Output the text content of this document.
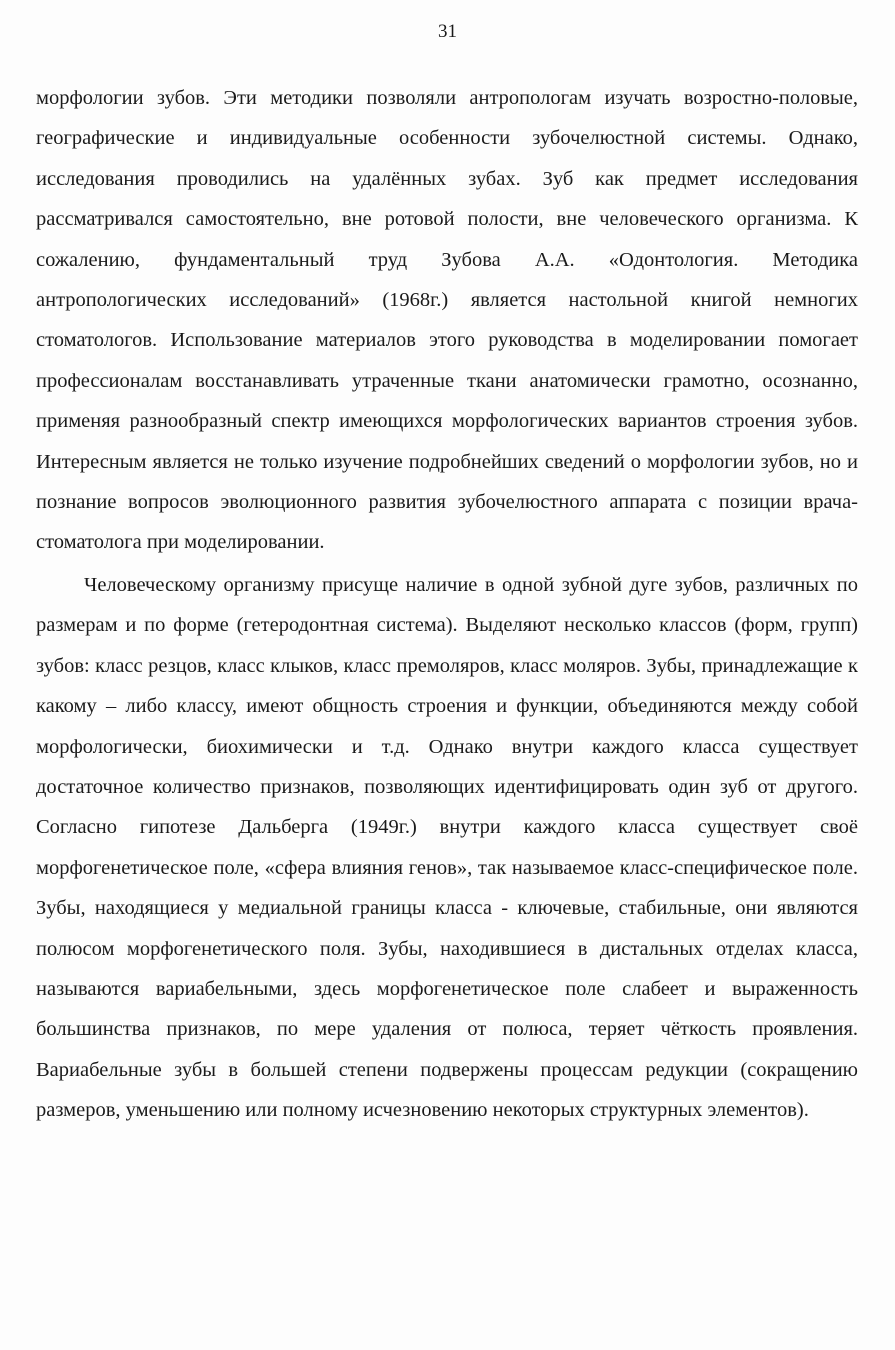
31

морфологии зубов. Эти методики позволяли антропологам изучать возростно-половые, географические и индивидуальные особенности зубочелюстной системы. Однако, исследования проводились на удалённых зубах. Зуб как предмет исследования рассматривался самостоятельно, вне ротовой полости, вне человеческого организма. К сожалению, фундаментальный труд Зубова А.А. «Одонтология. Методика антропологических исследований» (1968г.) является настольной книгой немногих стоматологов. Использование материалов этого руководства в моделировании помогает профессионалам восстанавливать утраченные ткани анатомически грамотно, осознанно, применяя разнообразный спектр имеющихся морфологических вариантов строения зубов. Интересным является не только изучение подробнейших сведений о морфологии зубов, но и познание вопросов эволюционного развития зубочелюстного аппарата с позиции врача-стоматолога при моделировании.

Человеческому организму присуще наличие в одной зубной дуге зубов, различных по размерам и по форме (гетеродонтная система). Выделяют несколько классов (форм, групп) зубов: класс резцов, класс клыков, класс премоляров, класс моляров. Зубы, принадлежащие к какому – либо классу, имеют общность строения и функции, объединяются между собой морфологически, биохимически и т.д. Однако внутри каждого класса существует достаточное количество признаков, позволяющих идентифицировать один зуб от другого. Согласно гипотезе Дальберга (1949г.) внутри каждого класса существует своё морфогенетическое поле, «сфера влияния генов», так называемое класс-специфическое поле. Зубы, находящиеся у медиальной границы класса - ключевые, стабильные, они являются полюсом морфогенетического поля. Зубы, находившиеся в дистальных отделах класса, называются вариабельными, здесь морфогенетическое поле слабеет и выраженность большинства признаков, по мере удаления от полюса, теряет чёткость проявления. Вариабельные зубы в большей степени подвержены процессам редукции (сокращению размеров, уменьшению или полному исчезновению некоторых структурных элементов).
